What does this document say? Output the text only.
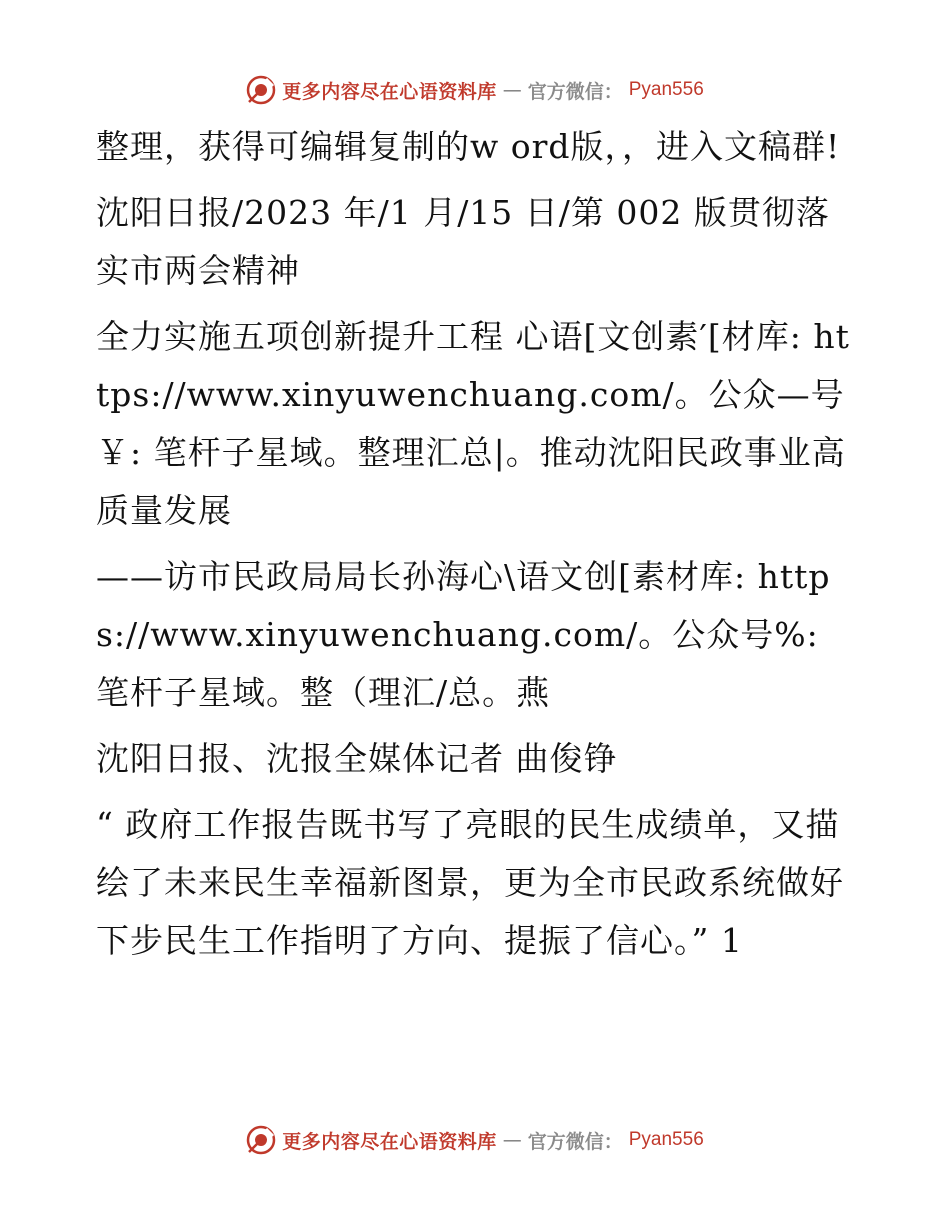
更多内容尽在心语资料库 — 官方微信： Pyan556

整理，获得可编辑复制的w ord版，，进入文稿群!

沈阳日报/2023 年/1 月/15 日/第 002 版贯彻落实市两会精神

全力实施五项创新提升工程 心语[文创素′[材库: https://www.xinyuwenchuang.com/。公众—号￥: 笔杆子星域。整理汇总|。推动沈阳民政事业高质量发展

——访市民政局局长孙海心\语文创[素材库: https://www.xinyuwenchuang.com/。公众号%: 笔杆子星域。整（理汇/总。燕

沈阳日报、沈报全媒体记者 曲俊铮

“ 政府工作报告既书写了亮眼的民生成绩单，又描绘了未来民生幸福新图景，更为全市民政系统做好下步民生工作指明了方向、提振了信心。” 1

更多内容尽在心语资料库 — 官方微信： Pyan556
